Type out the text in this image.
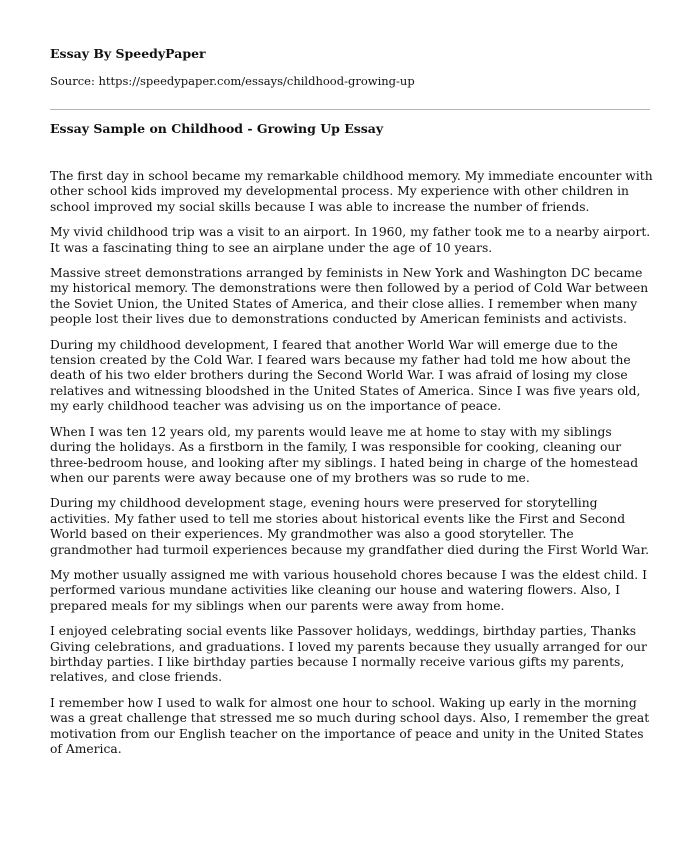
Essay By SpeedyPaper
Source: https://speedypaper.com/essays/childhood-growing-up
Essay Sample on Childhood - Growing Up Essay

The first day in school became my remarkable childhood memory. My immediate encounter with other school kids improved my developmental process. My experience with other children in school improved my social skills because I was able to increase the number of friends.

My vivid childhood trip was a visit to an airport. In 1960, my father took me to a nearby airport. It was a fascinating thing to see an airplane under the age of 10 years.

Massive street demonstrations arranged by feminists in New York and Washington DC became my historical memory. The demonstrations were then followed by a period of Cold War between the Soviet Union, the United States of America, and their close allies. I remember when many people lost their lives due to demonstrations conducted by American feminists and activists.

During my childhood development, I feared that another World War will emerge due to the tension created by the Cold War. I feared wars because my father had told me how about the death of his two elder brothers during the Second World War. I was afraid of losing my close relatives and witnessing bloodshed in the United States of America. Since I was five years old, my early childhood teacher was advising us on the importance of peace.

When I was ten 12 years old, my parents would leave me at home to stay with my siblings during the holidays. As a firstborn in the family, I was responsible for cooking, cleaning our three-bedroom house, and looking after my siblings. I hated being in charge of the homestead when our parents were away because one of my brothers was so rude to me.

During my childhood development stage, evening hours were preserved for storytelling activities. My father used to tell me stories about historical events like the First and Second World based on their experiences. My grandmother was also a good storyteller. The grandmother had turmoil experiences because my grandfather died during the First World War.

My mother usually assigned me with various household chores because I was the eldest child. I performed various mundane activities like cleaning our house and watering flowers. Also, I prepared meals for my siblings when our parents were away from home.

I enjoyed celebrating social events like Passover holidays, weddings, birthday parties, Thanks Giving celebrations, and graduations. I loved my parents because they usually arranged for our birthday parties. I like birthday parties because I normally receive various gifts my parents, relatives, and close friends.

I remember how I used to walk for almost one hour to school. Waking up early in the morning was a great challenge that stressed me so much during school days. Also, I remember the great motivation from our English teacher on the importance of peace and unity in the United States of America.
